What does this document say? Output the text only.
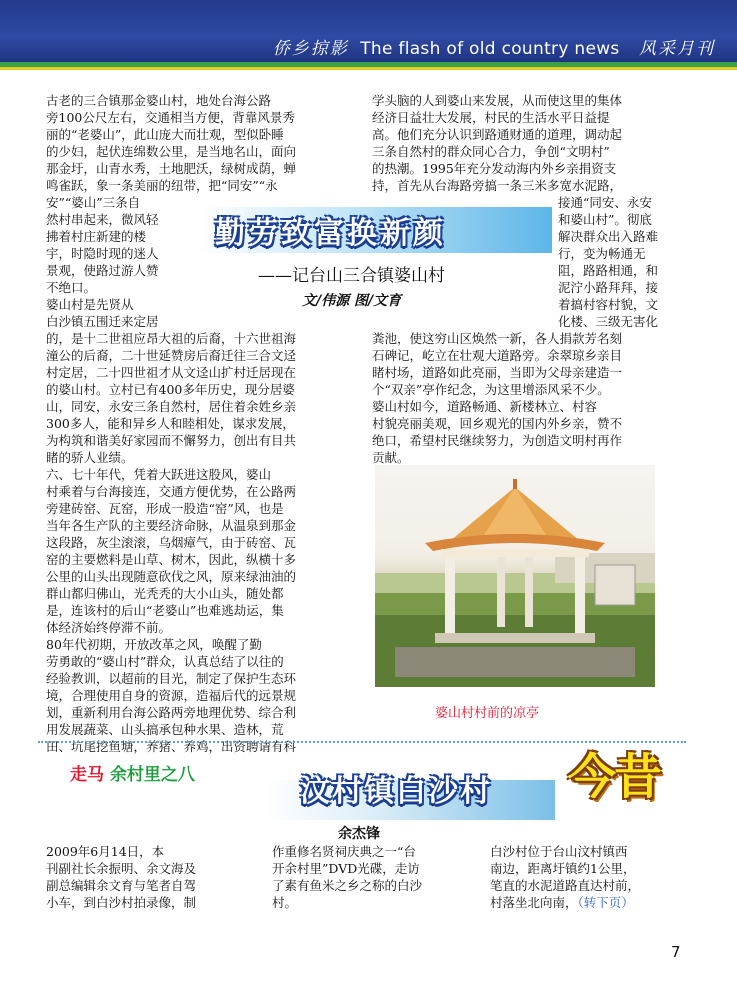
侨乡掠影 The flash of old country news 风采月刊
古老的三合镇那金婆山村，地处台海公路
旁100公尺左右，交通相当方便，背靠风景秀
丽的“老婆山”，此山庞大而壮观，型似卧睡
的少妇，起伏连绵数公里，是当地名山，面向
那金圩，山青水秀，土地肥沃，绿树成荫，蝉
鸣雀跃，象一条美丽的纽带，把“同安”“永
安”“婆山”三条自
然村串起来，微风轻
拂着村庄新建的楼
宇，时隐时现的迷人
景观，使路过游人赞
不绝口。
婆山村是先贤从
白沙镇五围迁来定居
的，是十二世祖应昂大祖的后裔，十六世祖海
潼公的后裔，二十世延赞房后裔迁往三合文迳
村定居，二十四世祖才从文迳山扩村迁居现在
的婆山村。立村已有400多年历史，现分居婆
山，同安，永安三条自然村，居住着余姓乡亲
300多人，能和异乡人和睦相处，谋求发展，
为构筑和谐美好家园而不懈努力，创出有目共
睹的骄人业绩。
六、七十年代，凭着大跃进这股风，婆山
村乘着与台海接连，交通方便优势，在公路两
旁建砖窑、瓦窑，形成一股造“窑”风，也是
当年各生产队的主要经济命脉，从温泉到那金
这段路，灰尘滚滚，乌烟瘴气，由于砖窑、瓦
窑的主要燃料是山草、树木，因此，纵横十多
公里的山头出现随意砍伐之风，原来绿油油的
群山都归佛山，光秃秃的大小山头，随处都
是，连该村的后山“老婆山”也难逃劫运，集
体经济始终停滞不前。
80年代初期，开放改革之风，唤醒了勤
劳勇敢的“婆山村”群众，认真总结了以往的
经验教训，以超前的目光，制定了保护生态环
境，合理使用自身的资源，造福后代的远景规
划，重新利用台海公路两旁地理优势、综合利
用发展蔬菜、山头搞承包种水果、造林，荒
田、坑尾挖鱼塘，养猪、养鸡，出资聘请有科
学头脑的人到婆山来发展，从而使这里的集体
经济日益壮大发展，村民的生活水平日益提
高。他们充分认识到路通财通的道理，调动起
三条自然村的群众同心合力，争创“文明村”
的热潮。1995年充分发动海内外乡亲捐资支
持，首先从台海路旁搞一条三米多宽水泥路，
接通“同安、永安
和婆山村”。彻底
解决群众出入路难
行，变为畅通无
阻，路路相通，和
泥泞小路拜拜，接
着搞村容村貌，文
化楼、三级无害化
粪池，使这穷山区焕然一新，各人捐款芳名刻
石碑记，屹立在壮观大道路旁。余翠琼乡亲目
睹村场，道路如此亮丽，当即为父母亲建造一
个“双亲”亭作纪念，为这里增添风采不少。
婆山村如今，道路畅通、新楼林立、村容
村貌亮丽美观，回乡观光的国内外乡亲，赞不
绝口，希望村民继续努力，为创造文明村再作
贡献。
勤劳致富换新颜
——记台山三合镇婆山村
文/伟源 图/文育
婆山村村前的凉亭
走马 余村里之八	汶村镇白沙村 今昔
余杰锋
2009年6月14日，本
刊副社长余振明、余文海及
副总编辑余文育与笔者自驾
小车，到白沙村拍录像，制
作重修名贤祠庆典之一“台
开余村里”DVD光碟，走访
了素有鱼米之乡之称的白沙
村。
白沙村位于台山汶村镇西
南边，距离圩镇约1公里，
笔直的水泥道路直达村前，
村落坐北向南，（转下页）
7
